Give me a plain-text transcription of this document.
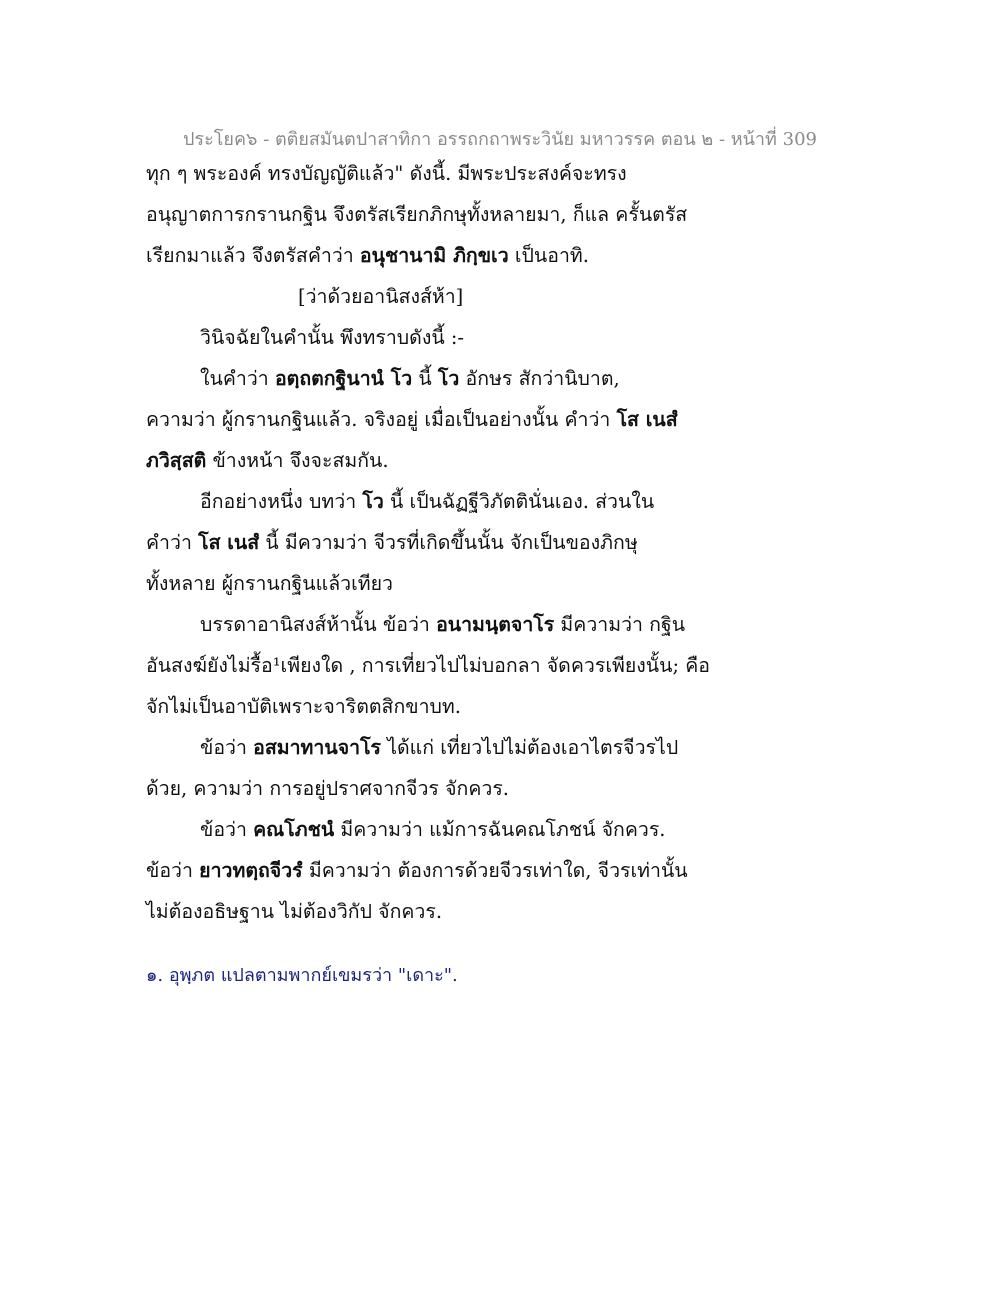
ประโยค๖ - ตติยสมันตปาสาทิกา อรรถกถาพระวินัย มหาวรรค ตอน ๒ - หน้าที่ 309
ทุก ๆ พระองค์ ทรงบัญญัติแล้ว" ดังนี้. มีพระประสงค์จะทรง
อนุญาตการกรานกฐิน จึงตรัสเรียกภิกษุทั้งหลายมา, ก็แล ครั้นตรัส
เรียกมาแล้ว จึงตรัสคำว่า อนุชานามิ ภิกฺขเว เป็นอาทิ.
[ว่าด้วยอานิสงส์ห้า]
วินิจฉัยในคำนั้น พึงทราบดังนี้ :-
ในคำว่า อตฺถตกฐินานํ โว นี้ โว อักษร สักว่านิบาต,
ความว่า ผู้กรานกฐินแล้ว. จริงอยู่ เมื่อเป็นอย่างนั้น คำว่า โส เนสํ
ภวิสฺสติ ข้างหน้า จึงจะสมกัน.
อีกอย่างหนึ่ง บทว่า โว นี้ เป็นฉัฏฐีวิภัตตินั่นเอง. ส่วนใน
คำว่า โส เนสํ นี้ มีความว่า จีวรที่เกิดขึ้นนั้น จักเป็นของภิกษุ
ทั้งหลาย ผู้กรานกฐินแล้วเทียว
บรรดาอานิสงส์ห้านั้น ข้อว่า อนามนฺตจาโร มีความว่า กฐิน
อันสงฆ์ยังไม่รื้อ¹เพียงใด , การเที่ยวไปไม่บอกลา จัดควรเพียงนั้น; คือ
จักไม่เป็นอาบัติเพราะจาริตตสิกขาบท.
ข้อว่า อสมาทานจาโร ได้แก่ เที่ยวไปไม่ต้องเอาไตรจีวรไป
ด้วย, ความว่า การอยู่ปราศจากจีวร จักควร.
ข้อว่า คณโภชนํ มีความว่า แม้การฉันคณโภชน์ จักควร.
ข้อว่า ยาวทตฺถจีวรํ มีความว่า ต้องการด้วยจีวรเท่าใด, จีวรเท่านั้น
ไม่ต้องอธิษฐาน ไม่ต้องวิกัป จักควร.
๑. อุพฺภต แปลตามพากย์เขมรว่า "เดาะ".
